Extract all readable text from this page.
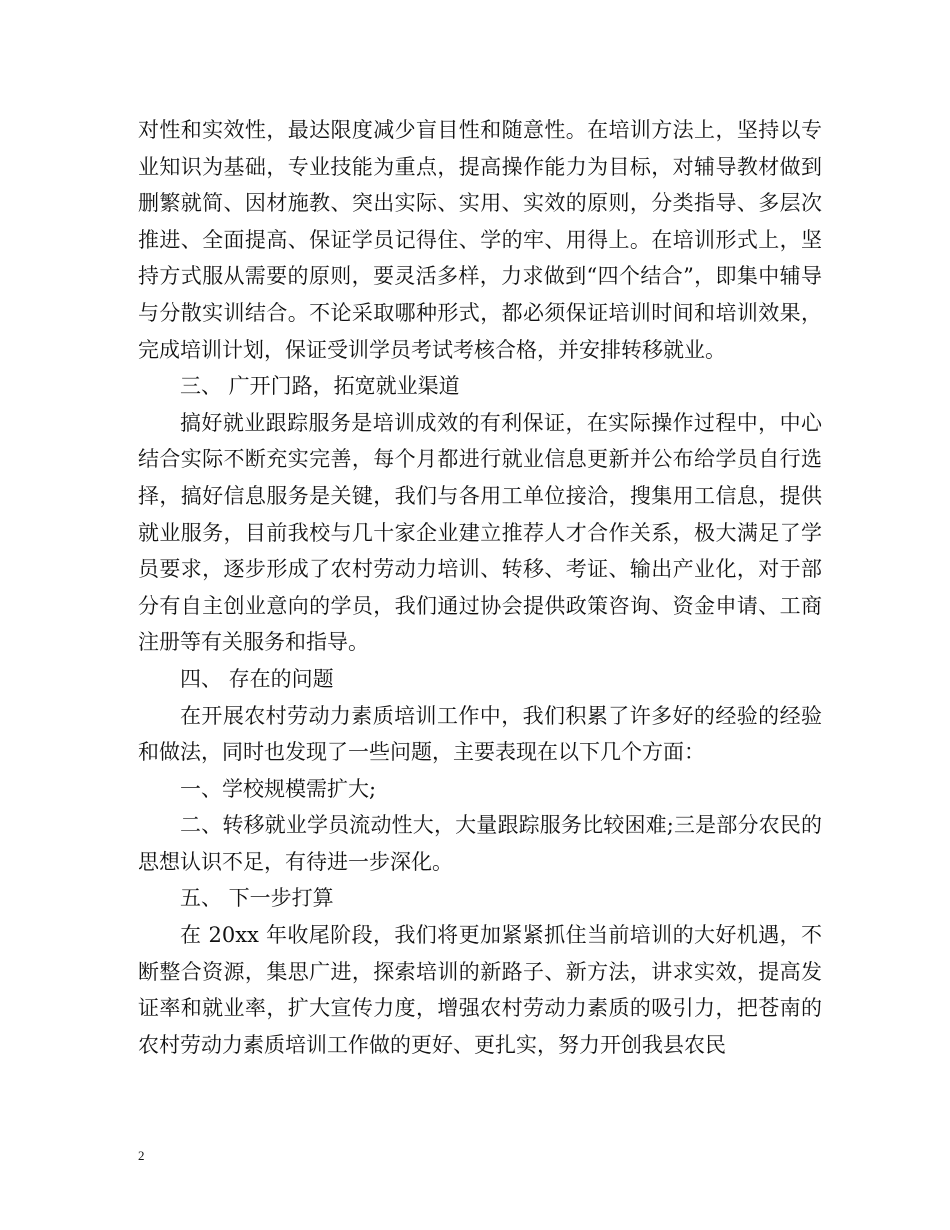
对性和实效性，最达限度减少盲目性和随意性。在培训方法上，坚持以专业知识为基础，专业技能为重点，提高操作能力为目标，对辅导教材做到删繁就简、因材施教、突出实际、实用、实效的原则，分类指导、多层次推进、全面提高、保证学员记得住、学的牢、用得上。在培训形式上，坚持方式服从需要的原则，要灵活多样，力求做到“四个结合”，即集中辅导与分散实训结合。不论采取哪种形式，都必须保证培训时间和培训效果，完成培训计划，保证受训学员考试考核合格，并安排转移就业。

三、 广开门路，拓宽就业渠道

搞好就业跟踪服务是培训成效的有利保证，在实际操作过程中，中心结合实际不断充实完善，每个月都进行就业信息更新并公布给学员自行选择，搞好信息服务是关键，我们与各用工单位接洽，搜集用工信息，提供就业服务，目前我校与几十家企业建立推荐人才合作关系，极大满足了学员要求，逐步形成了农村劳动力培训、转移、考证、输出产业化，对于部分有自主创业意向的学员，我们通过协会提供政策咨询、资金申请、工商注册等有关服务和指导。

四、 存在的问题

在开展农村劳动力素质培训工作中，我们积累了许多好的经验的经验和做法，同时也发现了一些问题，主要表现在以下几个方面：

一、学校规模需扩大;

二、转移就业学员流动性大，大量跟踪服务比较困难;三是部分农民的思想认识不足，有待进一步深化。

五、 下一步打算

在 20xx 年收尾阶段，我们将更加紧紧抓住当前培训的大好机遇，不断整合资源，集思广进，探索培训的新路子、新方法，讲求实效，提高发证率和就业率，扩大宣传力度，增强农村劳动力素质的吸引力，把苍南的农村劳动力素质培训工作做的更好、更扎实，努力开创我县农民

2
